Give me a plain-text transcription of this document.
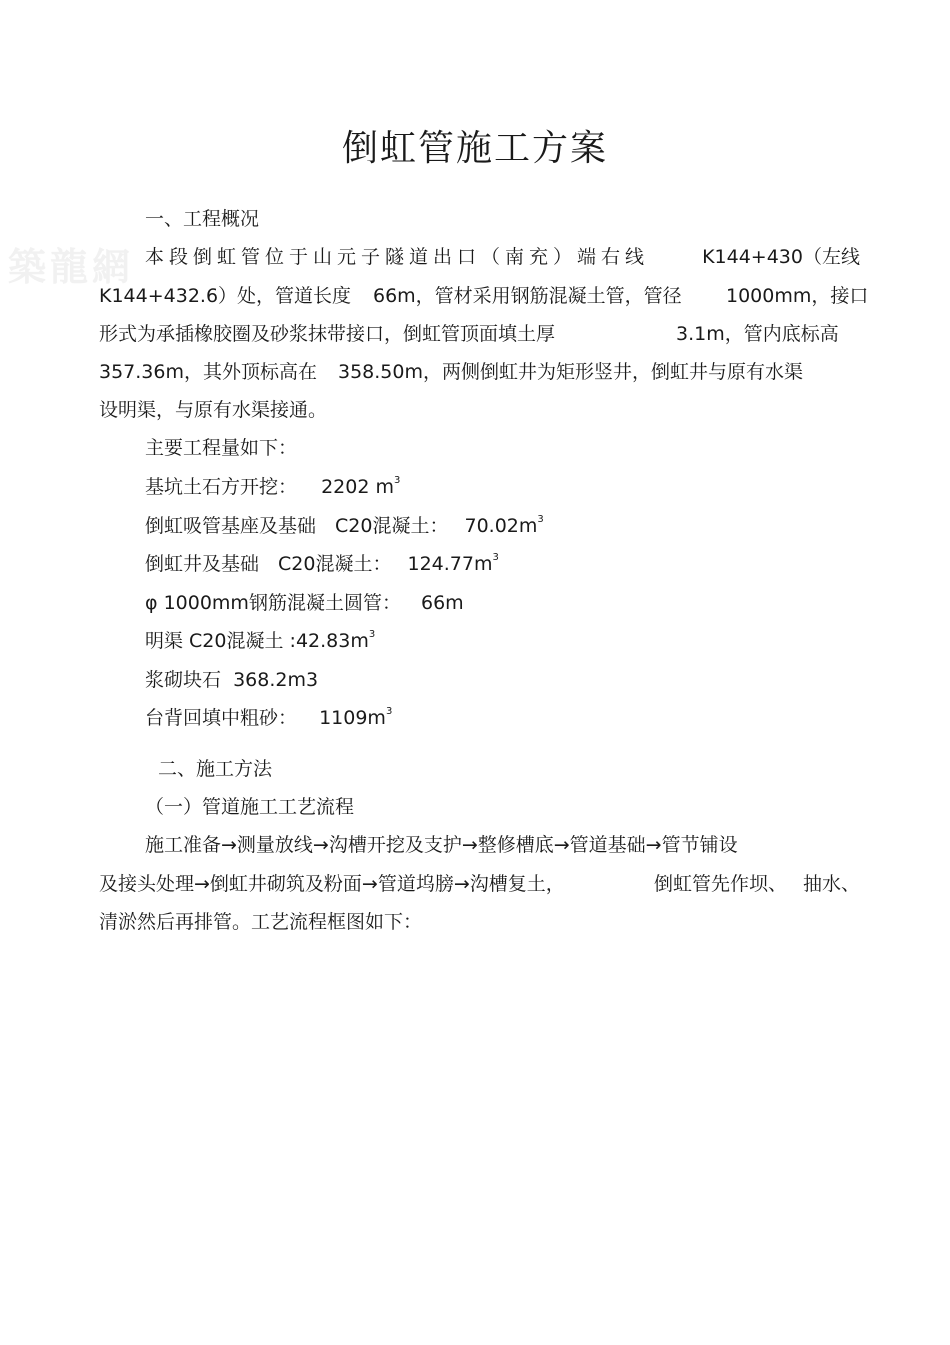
築龍網
倒虹管施工方案
一、工程概况
本段倒虹管位于山元子隧道出口（南充）端右线	K144+430（左线
K144+432.6）处，管道长度 66m，管材采用钢筋混凝土管，管径 1000mm，接口
形式为承插橡胶圈及砂浆抹带接口，倒虹管顶面填土厚	3.1m，管内底标高
357.36m，其外顶标高在 358.50m，两侧倒虹井为矩形竖井，倒虹井与原有水渠
设明渠，与原有水渠接通。
主要工程量如下：
基坑土石方开挖： 2202 $m^3$
倒虹吸管基座及基础　C20混凝土： $70.02m^3$
倒虹井及基础　C20混凝土： $124.77m^3$
φ 1000mm钢筋混凝土圆管： 66m
明渠 C20混凝土 $:42.83m^3$
浆砌块石 368.2m3
台背回填中粗砂： $1109m^3$
二、施工方法
（一）管道施工工艺流程
施工准备→测量放线→沟槽开挖及支护→整修槽底→管道基础→管节铺设
及接头处理→倒虹井砌筑及粉面→管道坞膀→沟槽复土，	倒虹管先作坝、 抽水、
清淤然后再排管。工艺流程框图如下：
